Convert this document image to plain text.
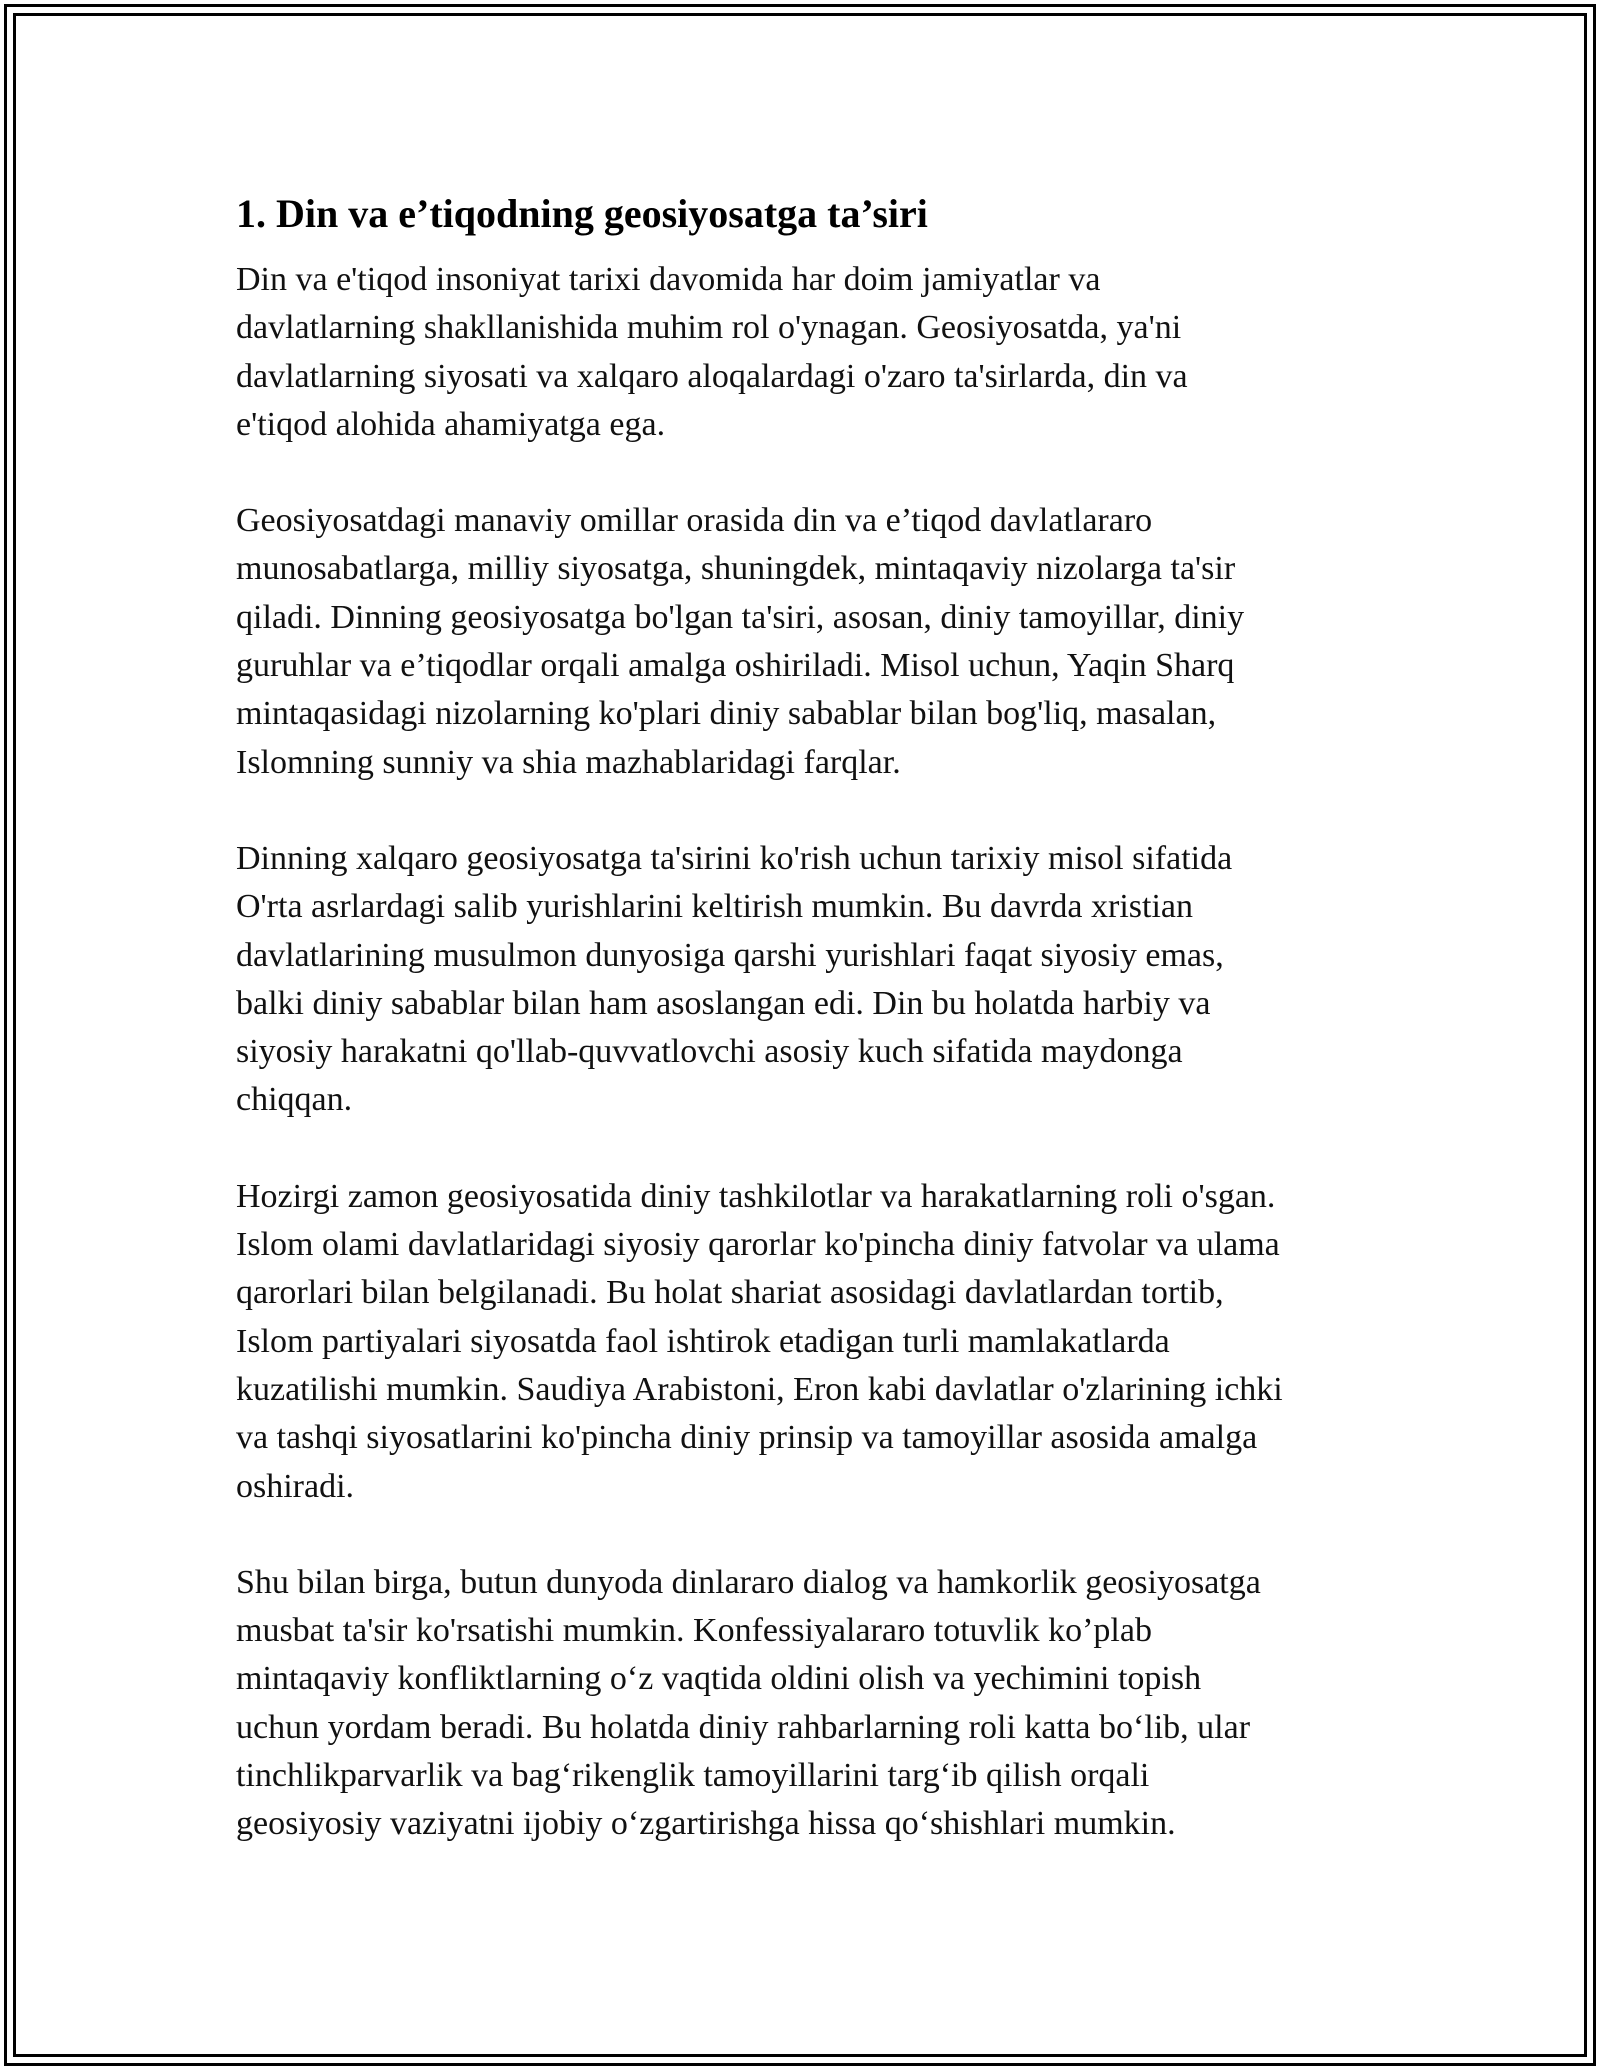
1. Din va e’tiqodning geosiyosatga ta’siri

Din va e'tiqod insoniyat tarixi davomida har doim jamiyatlar va
davlatlarning shakllanishida muhim rol o'ynagan. Geosiyosatda, ya'ni
davlatlarning siyosati va xalqaro aloqalardagi o'zaro ta'sirlarda, din va
e'tiqod alohida ahamiyatga ega.

Geosiyosatdagi manaviy omillar orasida din va e’tiqod davlatlararo
munosabatlarga, milliy siyosatga, shuningdek, mintaqaviy nizolarga ta'sir
qiladi. Dinning geosiyosatga bo'lgan ta'siri, asosan, diniy tamoyillar, diniy
guruhlar va e’tiqodlar orqali amalga oshiriladi. Misol uchun, Yaqin Sharq
mintaqasidagi nizolarning ko'plari diniy sabablar bilan bog'liq, masalan,
Islomning sunniy va shia mazhablaridagi farqlar.

Dinning xalqaro geosiyosatga ta'sirini ko'rish uchun tarixiy misol sifatida
O'rta asrlardagi salib yurishlarini keltirish mumkin. Bu davrda xristian
davlatlarining musulmon dunyosiga qarshi yurishlari faqat siyosiy emas,
balki diniy sabablar bilan ham asoslangan edi. Din bu holatda harbiy va
siyosiy harakatni qo'llab-quvvatlovchi asosiy kuch sifatida maydonga
chiqqan.

Hozirgi zamon geosiyosatida diniy tashkilotlar va harakatlarning roli o'sgan.
Islom olami davlatlaridagi siyosiy qarorlar ko'pincha diniy fatvolar va ulama
qarorlari bilan belgilanadi. Bu holat shariat asosidagi davlatlardan tortib,
Islom partiyalari siyosatda faol ishtirok etadigan turli mamlakatlarda
kuzatilishi mumkin. Saudiya Arabistoni, Eron kabi davlatlar o'zlarining ichki
va tashqi siyosatlarini ko'pincha diniy prinsip va tamoyillar asosida amalga
oshiradi.

Shu bilan birga, butun dunyoda dinlararo dialog va hamkorlik geosiyosatga
musbat ta'sir ko'rsatishi mumkin. Konfessiyalararo totuvlik ko’plab
mintaqaviy konfliktlarning o‘z vaqtida oldini olish va yechimini topish
uchun yordam beradi. Bu holatda diniy rahbarlarning roli katta bo‘lib, ular
tinchlikparvarlik va bag‘rikenglik tamoyillarini targ‘ib qilish orqali
geosiyosiy vaziyatni ijobiy o‘zgartirishga hissa qo‘shishlari mumkin.
